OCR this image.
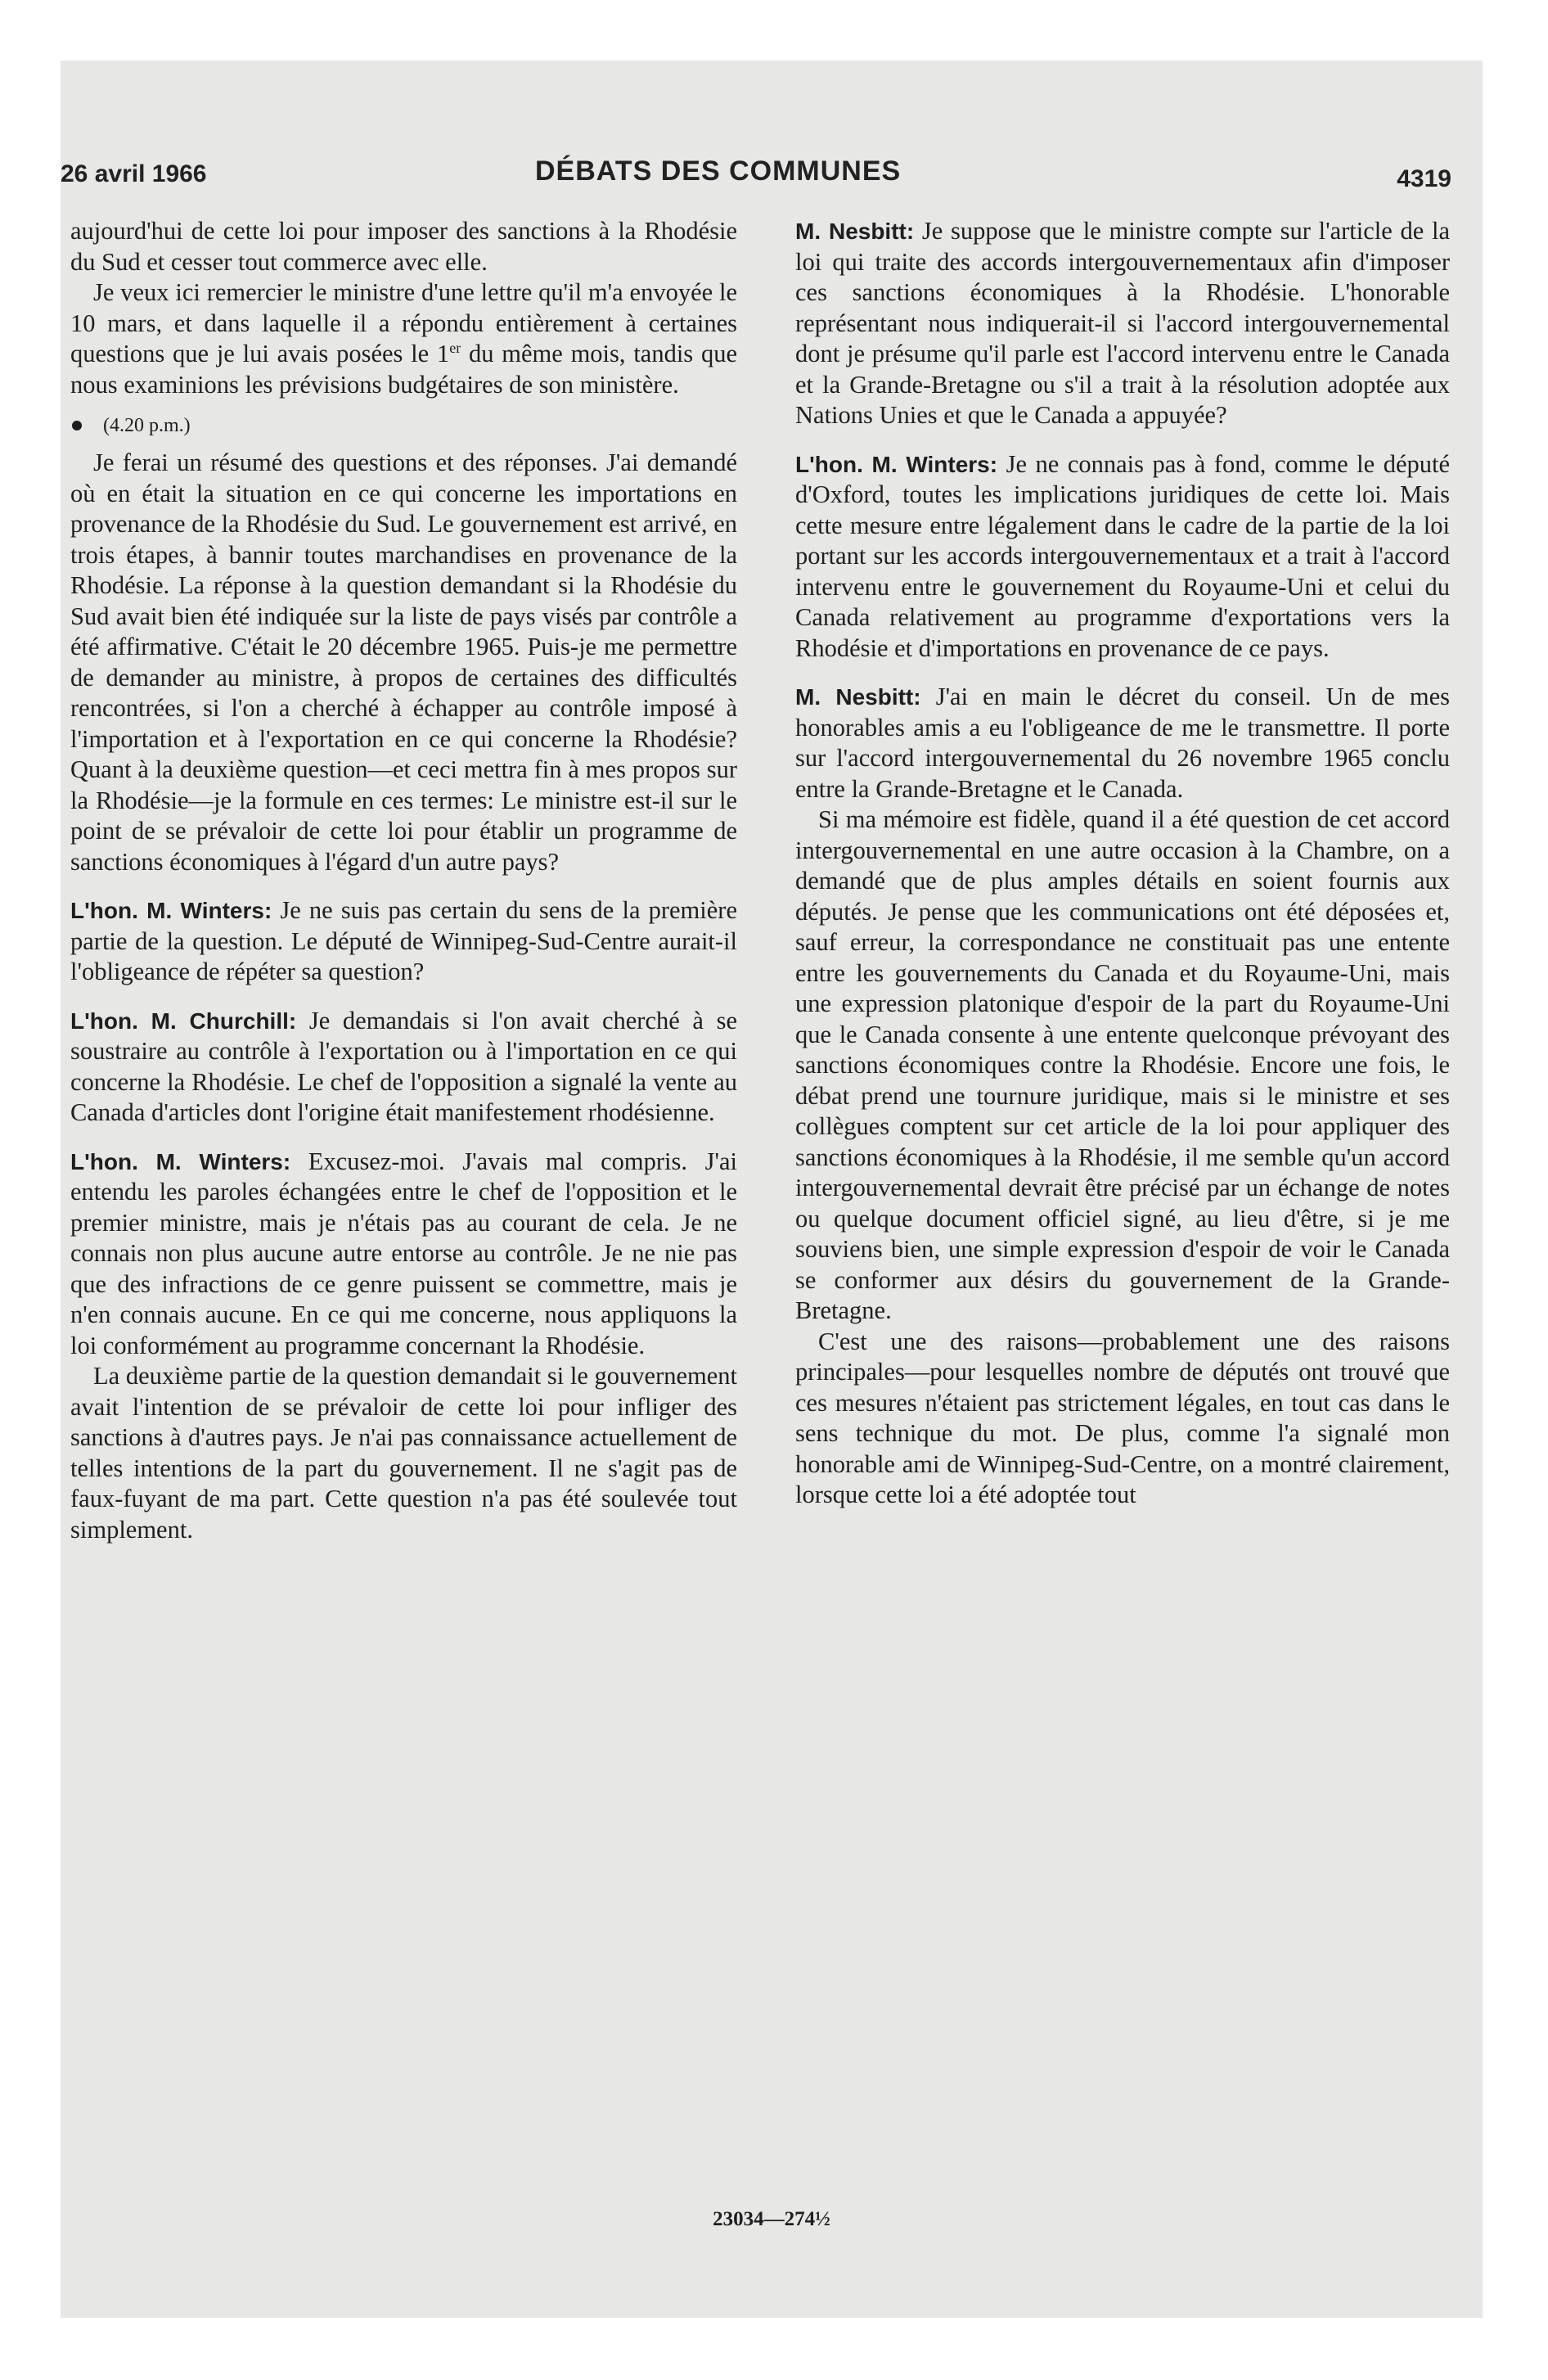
26 avril 1966	DÉBATS DES COMMUNES	4319

aujourd'hui de cette loi pour imposer des sanctions à la Rhodésie du Sud et cesser tout commerce avec elle.

Je veux ici remercier le ministre d'une lettre qu'il m'a envoyée le 10 mars, et dans laquelle il a répondu entièrement à certaines questions que je lui avais posées le 1er du même mois, tandis que nous examinions les prévisions budgétaires de son ministère.

(4.20 p.m.)

Je ferai un résumé des questions et des réponses. J'ai demandé où en était la situation en ce qui concerne les importations en provenance de la Rhodésie du Sud. Le gouvernement est arrivé, en trois étapes, à bannir toutes marchandises en provenance de la Rhodésie. La réponse à la question demandant si la Rhodésie du Sud avait bien été indiquée sur la liste de pays visés par contrôle a été affirmative. C'était le 20 décembre 1965. Puis-je me permettre de demander au ministre, à propos de certaines des difficultés rencontrées, si l'on a cherché à échapper au contrôle imposé à l'importation et à l'exportation en ce qui concerne la Rhodésie? Quant à la deuxième question—et ceci mettra fin à mes propos sur la Rhodésie—je la formule en ces termes: Le ministre est-il sur le point de se prévaloir de cette loi pour établir un programme de sanctions économiques à l'égard d'un autre pays?

L'hon. M. Winters: Je ne suis pas certain du sens de la première partie de la question. Le député de Winnipeg-Sud-Centre aurait-il l'obligeance de répéter sa question?

L'hon. M. Churchill: Je demandais si l'on avait cherché à se soustraire au contrôle à l'exportation ou à l'importation en ce qui concerne la Rhodésie. Le chef de l'opposition a signalé la vente au Canada d'articles dont l'origine était manifestement rhodésienne.

L'hon. M. Winters: Excusez-moi. J'avais mal compris. J'ai entendu les paroles échangées entre le chef de l'opposition et le premier ministre, mais je n'étais pas au courant de cela. Je ne connais non plus aucune autre entorse au contrôle. Je ne nie pas que des infractions de ce genre puissent se commettre, mais je n'en connais aucune. En ce qui me concerne, nous appliquons la loi conformément au programme concernant la Rhodésie.

La deuxième partie de la question demandait si le gouvernement avait l'intention de se prévaloir de cette loi pour infliger des sanctions à d'autres pays. Je n'ai pas connaissance actuellement de telles intentions de la part du gouvernement. Il ne s'agit pas de faux-fuyant de ma part. Cette question n'a pas été soulevée tout simplement.

M. Nesbitt: Je suppose que le ministre compte sur l'article de la loi qui traite des accords intergouvernementaux afin d'imposer ces sanctions économiques à la Rhodésie. L'honorable représentant nous indiquerait-il si l'accord intergouvernemental dont je présume qu'il parle est l'accord intervenu entre le Canada et la Grande-Bretagne ou s'il a trait à la résolution adoptée aux Nations Unies et que le Canada a appuyée?

L'hon. M. Winters: Je ne connais pas à fond, comme le député d'Oxford, toutes les implications juridiques de cette loi. Mais cette mesure entre légalement dans le cadre de la partie de la loi portant sur les accords intergouvernementaux et a trait à l'accord intervenu entre le gouvernement du Royaume-Uni et celui du Canada relativement au programme d'exportations vers la Rhodésie et d'importations en provenance de ce pays.

M. Nesbitt: J'ai en main le décret du conseil. Un de mes honorables amis a eu l'obligeance de me le transmettre. Il porte sur l'accord intergouvernemental du 26 novembre 1965 conclu entre la Grande-Bretagne et le Canada.

Si ma mémoire est fidèle, quand il a été question de cet accord intergouvernemental en une autre occasion à la Chambre, on a demandé que de plus amples détails en soient fournis aux députés. Je pense que les communications ont été déposées et, sauf erreur, la correspondance ne constituait pas une entente entre les gouvernements du Canada et du Royaume-Uni, mais une expression platonique d'espoir de la part du Royaume-Uni que le Canada consente à une entente quelconque prévoyant des sanctions économiques contre la Rhodésie. Encore une fois, le débat prend une tournure juridique, mais si le ministre et ses collègues comptent sur cet article de la loi pour appliquer des sanctions économiques à la Rhodésie, il me semble qu'un accord intergouvernemental devrait être précisé par un échange de notes ou quelque document officiel signé, au lieu d'être, si je me souviens bien, une simple expression d'espoir de voir le Canada se conformer aux désirs du gouvernement de la Grande-Bretagne.

C'est une des raisons—probablement une des raisons principales—pour lesquelles nombre de députés ont trouvé que ces mesures n'étaient pas strictement légales, en tout cas dans le sens technique du mot. De plus, comme l'a signalé mon honorable ami de Winnipeg-Sud-Centre, on a montré clairement, lorsque cette loi a été adoptée tout

23034—274½
